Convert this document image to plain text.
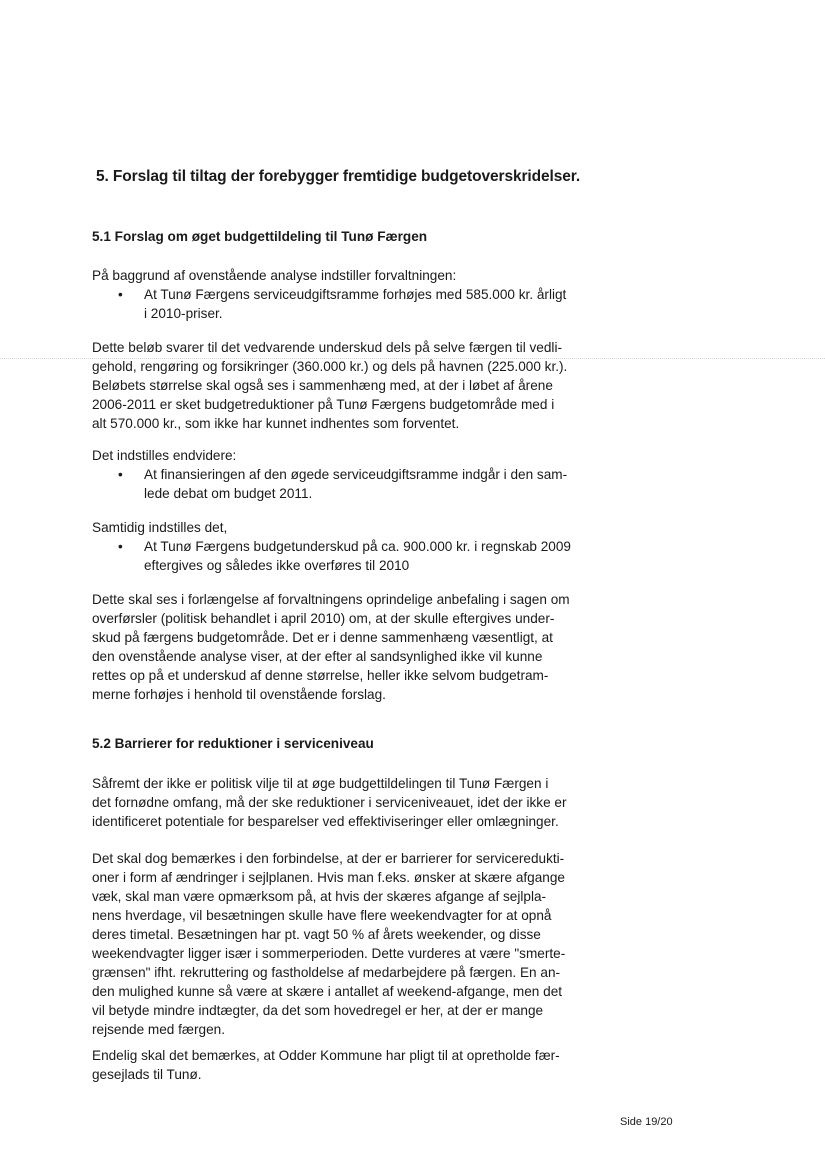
5. Forslag til tiltag der forebygger fremtidige budgetoverskridelser.
5.1 Forslag om øget budgettildeling til Tunø Færgen

På baggrund af ovenstående analyse indstiller forvaltningen:

• At Tunø Færgens serviceudgiftsramme forhøjes med 585.000 kr. årligt
i 2010-priser.

Dette beløb svarer til det vedvarende underskud dels på selve færgen til vedli-
gehold, rengøring og forsikringer (360.000 kr.) og dels på havnen (225.000 kr.).
Beløbets størrelse skal også ses i sammenhæng med, at der i løbet af årene
2006-2011 er sket budgetreduktioner på Tunø Færgens budgetområde med i
alt 570.000 kr., som ikke har kunnet indhentes som forventet.

Det indstilles endvidere:

• At finansieringen af den øgede serviceudgiftsramme indgår i den sam-
lede debat om budget 2011.

Samtidig indstilles det,

• At Tunø Færgens budgetunderskud på ca. 900.000 kr. i regnskab 2009
eftergives og således ikke overføres til 2010

Dette skal ses i forlængelse af forvaltningens oprindelige anbefaling i sagen om
overførsler (politisk behandlet i april 2010) om, at der skulle eftergives under-
skud på færgens budgetområde. Det er i denne sammenhæng væsentligt, at
den ovenstående analyse viser, at der efter al sandsynlighed ikke vil kunne
rettes op på et underskud af denne størrelse, heller ikke selvom budgetram-
merne forhøjes i henhold til ovenstående forslag.

5.2 Barrierer for reduktioner i serviceniveau

Såfremt der ikke er politisk vilje til at øge budgettildelingen til Tunø Færgen i
det fornødne omfang, må der ske reduktioner i serviceniveauet, idet der ikke er
identificeret potentiale for besparelser ved effektiviseringer eller omlægninger.

Det skal dog bemærkes i den forbindelse, at der er barrierer for serviceredukti-
oner i form af ændringer i sejlplanen. Hvis man f.eks. ønsker at skære afgange
væk, skal man være opmærksom på, at hvis der skæres afgange af sejlpla-
nens hverdage, vil besætningen skulle have flere weekendvagter for at opnå
deres timetal. Besætningen har pt. vagt 50 % af årets weekender, og disse
weekendvagter ligger især i sommerperioden. Dette vurderes at være "smerte-
grænsen" ifht. rekruttering og fastholdelse af medarbejdere på færgen. En an-
den mulighed kunne så være at skære i antallet af weekend-afgange, men det
vil betyde mindre indtægter, da det som hovedregel er her, at der er mange
rejsende med færgen.

Endelig skal det bemærkes, at Odder Kommune har pligt til at opretholde fær-
gesejlads til Tunø.

Side 19/20
